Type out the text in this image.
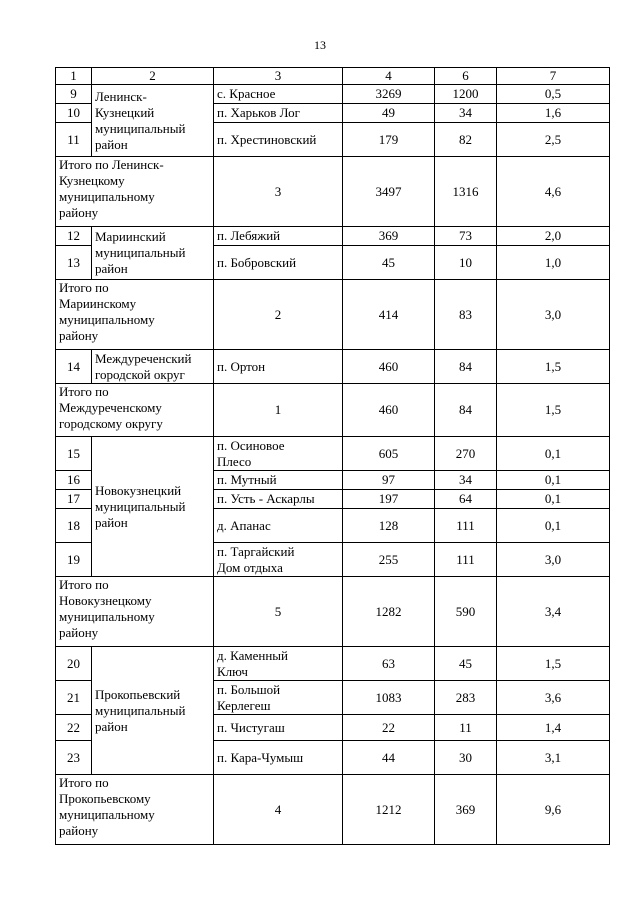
13
1	2	3	4	6	7
9	Ленинск-
Кузнецкий
муниципальный
район	с. Красное	3269	1200	0,5
10		п. Харьков Лог	49	34	1,6
11		п. Хрестиновский	179	82	2,5
Итого по Ленинск-
Кузнецкому
муниципальному
району		3	3497	1316	4,6
12	Мариинский
муниципальный
район	п. Лебяжий	369	73	2,0
13		п. Бобровский	45	10	1,0
Итого по
Мариинскому
муниципальному
району		2	414	83	3,0
14	Междуреченский
городской округ	п. Ортон	460	84	1,5
Итого по
Междуреченскому
городскому округу		1	460	84	1,5
15	Новокузнецкий
муниципальный
район	п. Осиновое
Плесо	605	270	0,1
16		п. Мутный	97	34	0,1
17		п. Усть - Аскарлы	197	64	0,1
18		д. Апанас	128	111	0,1
19		п. Таргайский
Дом отдыха	255	111	3,0
Итого по
Новокузнецкому
муниципальному
району		5	1282	590	3,4
20	Прокопьевский
муниципальный
район	д. Каменный
Ключ	63	45	1,5
21		п. Большой
Керлегеш	1083	283	3,6
22		п. Чистугаш	22	11	1,4
23		п. Кара-Чумыш	44	30	3,1
Итого по
Прокопьевскому
муниципальному
району		4	1212	369	9,6
